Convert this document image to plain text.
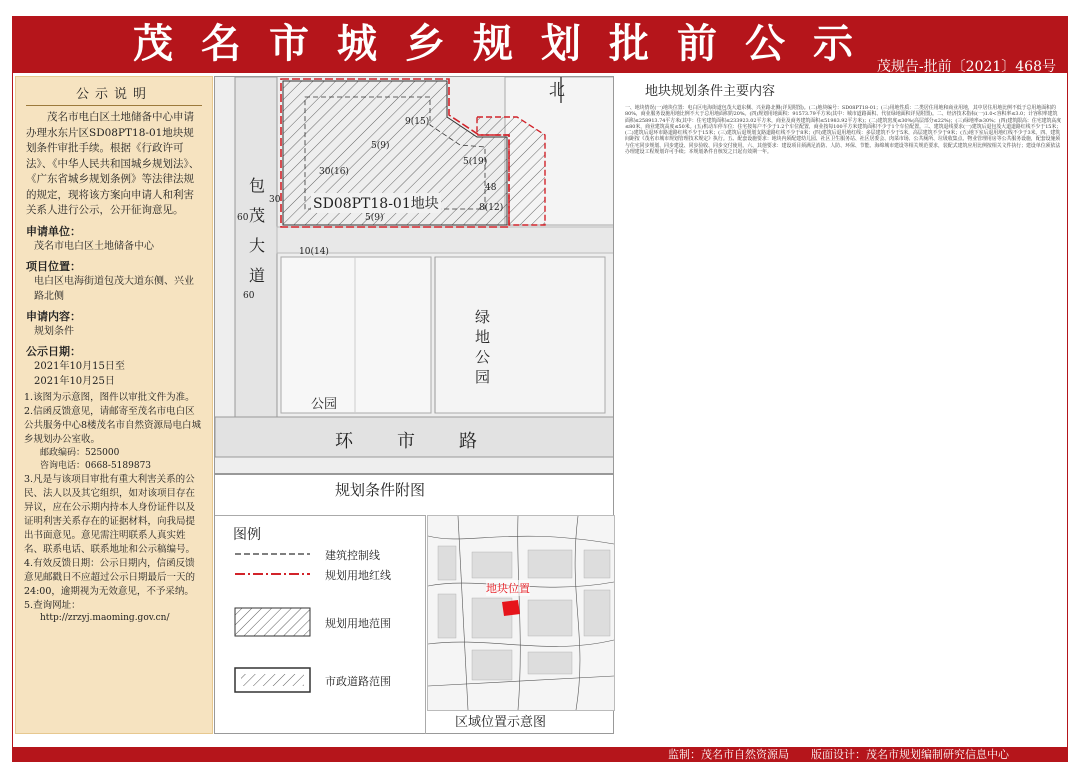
茂名市城乡规划批前公示
茂规告-批前〔2021〕468号
公示说明

茂名市电白区土地储备中心申请办理水东片区SD08PT18-01地块规划条件审批手续。根据《行政许可法》、《中华人民共和国城乡规划法》、《广东省城乡规划条例》等法律法规的规定，现将该方案向申请人和利害关系人进行公示，公开征询意见。

申请单位：
茂名市电白区土地储备中心
项目位置：
电白区电海街道包茂大道东侧、兴业路北侧
申请内容：
规划条件
公示日期：
2021年10月15日至
2021年10月25日
1.该图为示意图，图件以审批文件为准。
2.信函反馈意见，请邮寄至茂名市电白区公共服务中心8楼茂名市自然资源局电白城乡规划办公室收。
邮政编码：525000
咨询电话：0668-5189873
3.凡是与该项目审批有重大利害关系的公民、法人以及其它组织，如对该项目存在异议，应在公示期内持本人身份证件以及证明利害关系存在的证据材料，向我局提出书面意见。意见需注明联系人真实姓名、联系电话、联系地址和公示稿编号。
4.有效反馈日期：公示日期内，信函反馈意见邮戳日不应超过公示日期最后一天的24:00，逾期视为无效意见，不予采纳。
5.查询网址：
http://zrzyj.maoming.gov.cn/
北
SD08PT18-01地块
包茂大道
环市路
绿地公园
公园
30
60
60
5(9)
5(19)
8(12)
30(16)
10(14)
48
5(9)
9(15)
规划条件附图
图例
建筑控制线
规划用地红线
规划用地范围
市政道路范围
地块位置
区域位置示意图
地块规划条件主要内容
一、地块情况(一)地块位置：电白区电海街道包茂大道东侧、兴业路北侧(详见附图)。(二)地块编号：SD08PT18-01；(三)用地性质：二类居住用地和商业用地，其中居住用地比例不低于总用地面积的80%，商业服务设施用地比例不大于总用地面积的20%。(四)规划用地面积：91573.79平方米(其中：城市道路面积、代征绿地面积详见附图)。二、经济技术指标(一)1.0<容积率≤3.0；计容积率建筑面积≤258913.74平方米(其中：住宅建筑面积≤233923.02平方米，商业及商务建筑面积≤51983.92平方米)；(二)建筑密度≤30%(高层部分≤22%)；(三)绿地率≥30%；(四)建筑限高：住宅建筑高度≤80米，商业建筑高度≤50米。(五)机动车停车位：住宅按每户不少于1.2个车位配置，商业按每100平方米建筑面积不少于1个车位配置。三、建筑退线要求(一)建筑后退包茂大道道路红线不少于15米；(二)建筑后退环市路道路红线不少于15米；(三)建筑后退规划支路道路红线不少于8米；(四)建筑后退用地红线：多层建筑不少于5米，高层建筑不少于9米；(五)地下室后退用地红线不少于3米。四、建筑间距按《茂名市城市规划管理技术规定》执行。五、配套设施要求：地块内须配建幼儿园、社区卫生服务站、社区居委会、肉菜市场、公共厕所、垃圾收集点、物业管理用房等公共服务设施，配套设施须与住宅同步规划、同步建设、同步验收、同步交付使用。六、其他要求：建设项目须满足消防、人防、环保、节能、海绵城市建设等相关规范要求，装配式建筑应用比例按相关文件执行；建设单位须依法办理建设工程规划许可手续；本规划条件自核发之日起有效期一年。
监制：茂名市自然资源局　　版面设计：茂名市规划编制研究信息中心
